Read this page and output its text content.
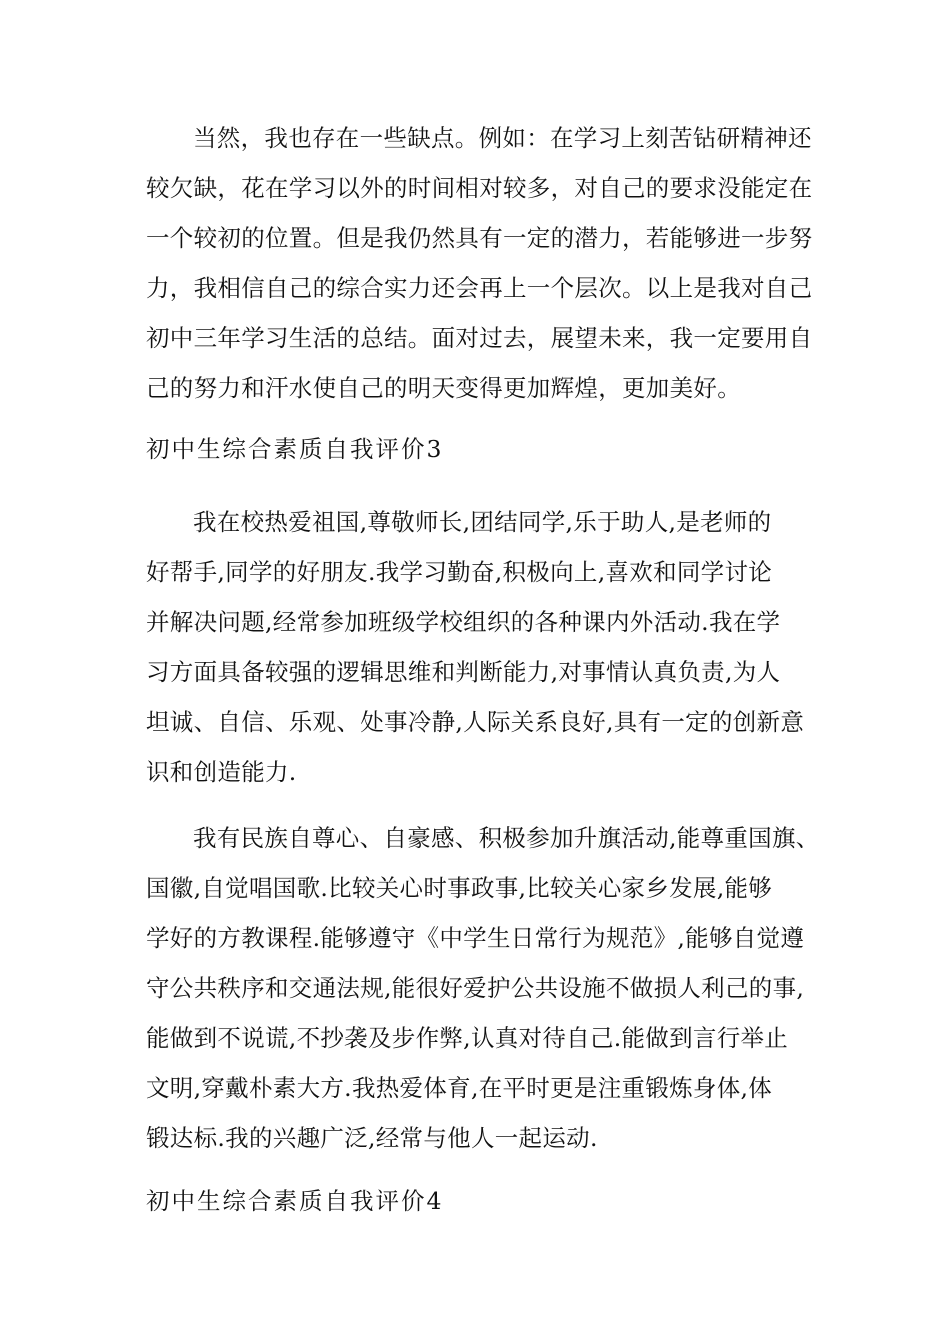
当然，我也存在一些缺点。例如：在学习上刻苦钻研精神还
较欠缺，花在学习以外的时间相对较多，对自己的要求没能定在
一个较初的位置。但是我仍然具有一定的潜力，若能够进一步努
力，我相信自己的综合实力还会再上一个层次。以上是我对自己
初中三年学习生活的总结。面对过去，展望未来，我一定要用自
己的努力和汗水使自己的明天变得更加辉煌，更加美好。
初中生综合素质自我评价3
我在校热爱祖国,尊敬师长,团结同学,乐于助人,是老师的
好帮手,同学的好朋友.我学习勤奋,积极向上,喜欢和同学讨论
并解决问题,经常参加班级学校组织的各种课内外活动.我在学
习方面具备较强的逻辑思维和判断能力,对事情认真负责,为人
坦诚、自信、乐观、处事冷静,人际关系良好,具有一定的创新意
识和创造能力.
我有民族自尊心、自豪感、积极参加升旗活动,能尊重国旗、
国徽,自觉唱国歌.比较关心时事政事,比较关心家乡发展,能够
学好的方教课程.能够遵守《中学生日常行为规范》,能够自觉遵
守公共秩序和交通法规,能很好爱护公共设施不做损人利己的事,
能做到不说谎,不抄袭及步作弊,认真对待自己.能做到言行举止
文明,穿戴朴素大方.我热爱体育,在平时更是注重锻炼身体,体
锻达标.我的兴趣广泛,经常与他人一起运动.
初中生综合素质自我评价4
